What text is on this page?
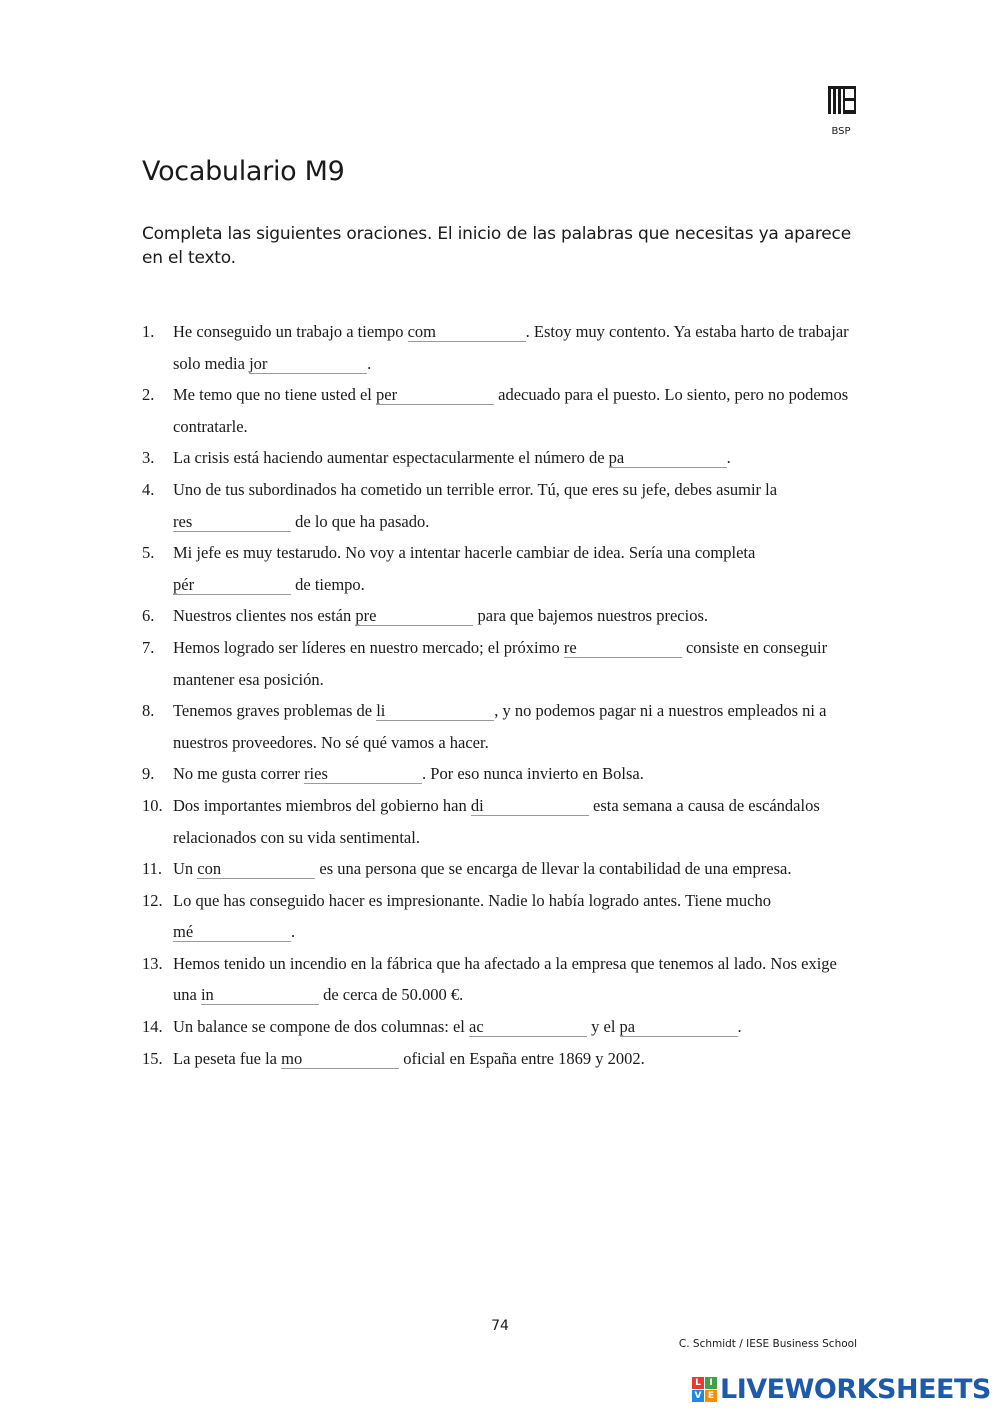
BSP
Vocabulario M9

Completa las siguientes oraciones. El inicio de las palabras que necesitas ya aparece en el texto.

1. He conseguido un trabajo a tiempo com	. Estoy muy contento. Ya estaba harto de trabajar solo media jor	.
2. Me temo que no tiene usted el per	adecuado para el puesto. Lo siento, pero no podemos contratarle.
3. La crisis está haciendo aumentar espectacularmente el número de pa	.
4. Uno de tus subordinados ha cometido un terrible error. Tú, que eres su jefe, debes asumir la res	de lo que ha pasado.
5. Mi jefe es muy testarudo. No voy a intentar hacerle cambiar de idea. Sería una completa pér	de tiempo.
6. Nuestros clientes nos están pre	para que bajemos nuestros precios.
7. Hemos logrado ser líderes en nuestro mercado; el próximo re	consiste en conseguir mantener esa posición.
8. Tenemos graves problemas de li	, y no podemos pagar ni a nuestros empleados ni a nuestros proveedores. No sé qué vamos a hacer.
9. No me gusta correr ries	. Por eso nunca invierto en Bolsa.
10. Dos importantes miembros del gobierno han di	esta semana a causa de escándalos relacionados con su vida sentimental.
11. Un con	es una persona que se encarga de llevar la contabilidad de una empresa.
12. Lo que has conseguido hacer es impresionante. Nadie lo había logrado antes. Tiene mucho mé	.
13. Hemos tenido un incendio en la fábrica que ha afectado a la empresa que tenemos al lado. Nos exige una in	de cerca de 50.000 €.
14. Un balance se compone de dos columnas: el ac	y el pa	.
15. La peseta fue la mo	oficial en España entre 1869 y 2002.
74
C. Schmidt / IESE Business School
L I
V E LIVEWORKSHEETS
